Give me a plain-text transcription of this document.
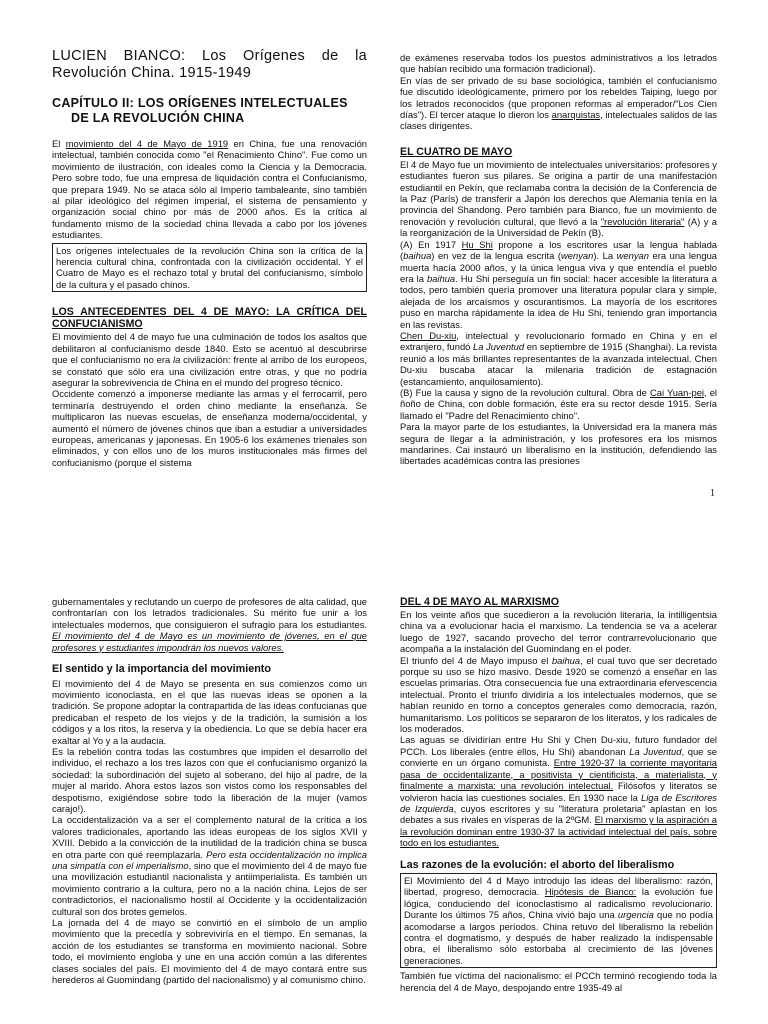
LUCIEN BIANCO: Los Orígenes de la Revolución China. 1915-1949
CAPÍTULO II: LOS ORÍGENES INTELECTUALES
DE LA REVOLUCIÓN CHINA

El movimiento del 4 de Mayo de 1919 en China, fue una renovación intelectual, también conocida como "el Renacimiento Chino". Fue como un movimiento de ilustración, con ideales como la Ciencia y la Democracia. Pero sobre todo, fue una empresa de liquidación contra el Confucianismo, que prepara 1949. No se ataca sólo al Imperio tambaleante, sino también al pilar ideológico del régimen imperial, el sistema de pensamiento y organización social chino por más de 2000 años. Es la crítica al fundamento mismo de la sociedad china llevada a cabo por los jóvenes estudiantes.

Los orígenes intelectuales de la revolución China son la crítica de la herencia cultural china, confrontada con la civilización occidental. Y el Cuatro de Mayo es el rechazo total y brutal del confucianismo, símbolo de la cultura y el pasado chinos.
LOS ANTECEDENTES DEL 4 DE MAYO: LA CRÍTICA DEL CONFUCIANISMO

El movimiento del 4 de mayo fue una culminación de todos los asaltos que debilitaron al confucianismo desde 1840. Esto se acentuó al descubrirse que el confucianismo no era la civilización: frente al arribo de los europeos, se constató que sólo era una civilización entre otras, y que no podría asegurar la sobrevivencia de China en el mundo del progreso técnico.

Occidente comenzó a imponerse mediante las armas y el ferrocarril, pero terminaría destruyendo el orden chino mediante la enseñanza. Se multiplicaron las nuevas escuelas, de enseñanza moderna/occidental, y aumentó el número de jóvenes chinos que iban a estudiar a universidades europeas, americanas y japonesas. En 1905-6 los exámenes trienales son eliminados, y con ellos uno de los muros institucionales más firmes del confucianismo (porque el sistema

de exámenes reservaba todos los puestos administrativos a los letrados que habían recibido una formación tradicional).

En vías de ser privado de su base sociológica, también el confucianismo fue discutido ideológicamente, primero por los rebeldes Taiping, luego por los letrados reconocidos (que proponen reformas al emperador/"Los Cien días"). El tercer ataque lo dieron los anarquistas, intelectuales salidos de las clases dirigentes.

EL CUATRO DE MAYO

El 4 de Mayo fue un movimiento de intelectuales universitarios: profesores y estudiantes fueron sus pilares. Se origina a partir de una manifestación estudiantil en Pekín, que reclamaba contra la decisión de la Conferencia de la Paz (París) de transferir a Japón los derechos que Alemania tenía en la provincia del Shandong. Pero también para Bianco, fue un movimiento de renovación y revolución cultural, que llevó a la "revolución literaria" (A) y a la reorganización de la Universidad de Pekín (B).

(A) En 1917 Hu Shi propone a los escritores usar la lengua hablada (baihua) en vez de la lengua escrita (wenyan). La wenyan era una lengua muerta hacía 2000 años, y la única lengua viva y que entendía el pueblo era la baihua. Hu Shi perseguía un fin social: hacer accesible la literatura a todos, pero también quería promover una literatura popular clara y simple, alejada de los arcaísmos y oscurantismos. La mayoría de los escritores puso en marcha rápidamente la idea de Hu Shi, teniendo gran importancia en las revistas.

Chen Du-xiu, intelectual y revolucionario formado en China y en el extranjero, fundó La Juventud en septiembre de 1915 (Shanghai). La revista reunió a los más brillantes representantes de la avanzada intelectual. Chen Du-xiu buscaba atacar la milenaria tradición de estagnación (estancamiento, anquilosamiento).

(B) Fue la causa y signo de la revolución cultural. Obra de Cai Yuan-pei, el ñoño de China, con doble formación, éste era su rector desde 1915. Sería llamado el "Padre del Renacimiento chino".

Para la mayor parte de los estudiantes, la Universidad era la manera más segura de llegar a la administración, y los profesores era los mismos mandarines. Cai instauró un liberalismo en la institución, defendiendo las libertades académicas contra las presiones

1

gubernamentales y reclutando un cuerpo de profesores de alta calidad, que confrontarían con los letrados tradicionales. Su mérito fue unir a los intelectuales modernos, que consiguieron el sufragio para los estudiantes. El movimiento del 4 de Mayo es un movimiento de jóvenes, en el que profesores y estudiantes impondrán los nuevos valores.

El sentido y la importancia del movimiento

El movimiento del 4 de Mayo se presenta en sus comienzos como un movimiento iconoclasta, en el que las nuevas ideas se oponen a la tradición. Se propone adoptar la contrapartida de las ideas confucianas que predicaban el respeto de los viejos y de la tradición, la sumisión a los códigos y a los ritos, la reserva y la obediencia. Lo que se debía hacer era exaltar al Yo y a la audacia.

Es la rebelión contra todas las costumbres que impiden el desarrollo del individuo, el rechazo a los tres lazos con que el confucianismo organizó la sociedad: la subordinación del sujeto al soberano, del hijo al padre, de la mujer al marido. Ahora estos lazos son vistos como los responsables del despotismo, exigiéndose sobre todo la liberación de la mujer (vamos carajo!).

La occidentalización va a ser el complemento natural de la crítica a los valores tradicionales, aportando las ideas europeas de los siglos XVII y XVIII. Debido a la convicción de la inutilidad de la tradición china se busca en otra parte con qué reemplazarla. Pero esta occidentalización no implica una simpatía con el imperialismo, sino que el movimiento del 4 de mayo fue una movilización estudiantil nacionalista y antiimperialista. Es también un movimiento contrario a la cultura, pero no a la nación china. Lejos de ser contradictorios, el nacionalismo hostil al Occidente y la occidentalización cultural son dos brotes gemelos.

La jornada del 4 de mayo se convirtió en el símbolo de un amplio movimiento que la precedía y sobreviviría en el tiempo. En semanas, la acción de los estudiantes se transforma en movimiento nacional. Sobre todo, el movimiento engloba y une en una acción común a las diferentes clases sociales del país. El movimiento del 4 de mayo contará entre sus herederos al Guomindang (partido del nacionalismo) y al comunismo chino.

DEL 4 DE MAYO AL MARXISMO

En los veinte años que sucedieron a la revolución literaria, la intilligentsia china va a evolucionar hacia el marxismo. La tendencia se va a acelerar luego de 1927, sacando provecho del terror contrarrevolucionario que acompaña a la instalación del Guomindang en el poder.

El triunfo del 4 de Mayo impuso el baihua, el cual tuvo que ser decretado porque su uso se hizo masivo. Desde 1920 se comenzó a enseñar en las escuelas primarias. Otra consecuencia fue una extraordinaria efervescencia intelectual. Pronto el triunfo dividiría a los intelectuales modernos, que se habían reunido en torno a conceptos generales como democracia, razón, humanitarismo. Los políticos se separaron de los literatos, y los radicales de los moderados.

Las aguas se dividirían entre Hu Shi y Chen Du-xiu, futuro fundador del PCCh. Los liberales (entre ellos, Hu Shi) abandonan La Juventud, que se convierte en un órgano comunista. Entre 1920-37 la corriente mayoritaria pasa de occidentalizante, a positivista y cientificista, a materialista, y finalmente a marxista: una revolución intelectual. Filósofos y literatos se volvieron hacia las cuestiones sociales. En 1930 nace la Liga de Escritores de Izquierda, cuyos escritores y su "literatura proletaria" aplastan en los debates a sus rivales en vísperas de la 2ºGM. El marxismo y la aspiración a la revolución dominan entre 1930-37 la actividad intelectual del país, sobre todo en los estudiantes.

Las razones de la evolución: el aborto del liberalismo
El Movimiento del 4 d Mayo introdujo las ideas del liberalismo: razón, libertad, progreso, democracia. Hipótesis de Bianco: la evolución fue lógica, conduciendo del iconoclastismo al radicalismo revolucionario. Durante los últimos 75 años, China vivió bajo una urgencia que no podía acomodarse a largos períodos. China retuvo del liberalismo la rebelión contra el dogmatismo, y después de haber realizado la indispensable obra, el liberalismo sólo estorbaba al crecimiento de las jóvenes generaciones.

También fue víctima del nacionalismo: el PCCh terminó recogiendo toda la herencia del 4 de Mayo, despojando entre 1935-49 al
